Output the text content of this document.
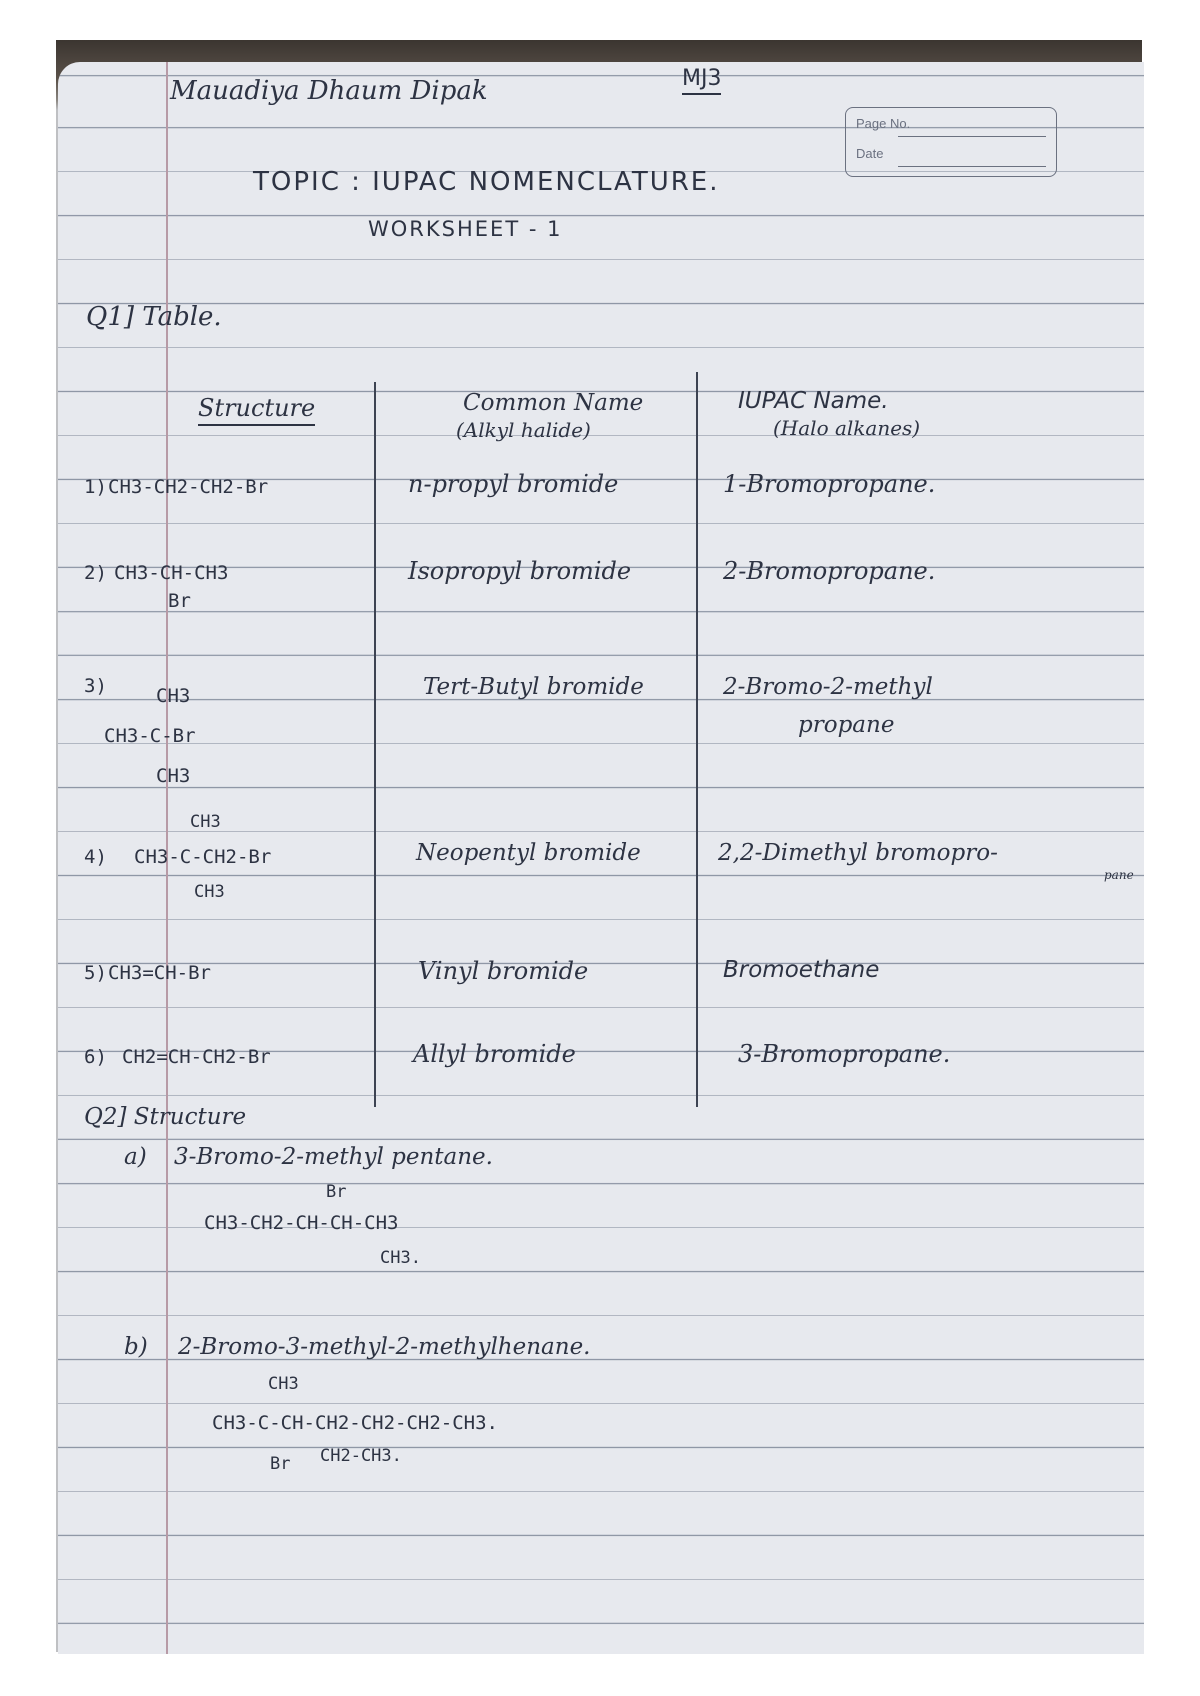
Mauadiya Dhaum Dipak	MJ3
Page No.
Date
TOPIC : IUPAC NOMENCLATURE.
WORKSHEET - 1
Q1] Table.
Structure	Common Name
(Alkyl halide)
IUPAC Name.
(Halo alkanes)
1) CH3-CH2-CH2-Br	n-propyl bromide	1-Bromopropane.
2) CH3-CH-CH3
Br
Isopropyl bromide	2-Bromopropane.
3)	CH3
CH3-C-Br
CH3
Tert-Butyl bromide	2-Bromo-2-methyl
propane
CH3
4) CH3-C-CH2-Br
CH3
Neopentyl bromide	2,2-Dimethyl bromopro-
pane
5) CH3=CH-Br	Vinyl bromide	Bromoethane
6) CH2=CH-CH2-Br	Allyl bromide	3-Bromopropane.
Q2] Structure
a) 3-Bromo-2-methyl pentane.
Br
CH3-CH2-CH-CH-CH3
CH3.
b) 2-Bromo-3-methyl-2-methylhenane.
CH3
CH3-C-CH-CH2-CH2-CH2-CH3.
Br CH2-CH3.
